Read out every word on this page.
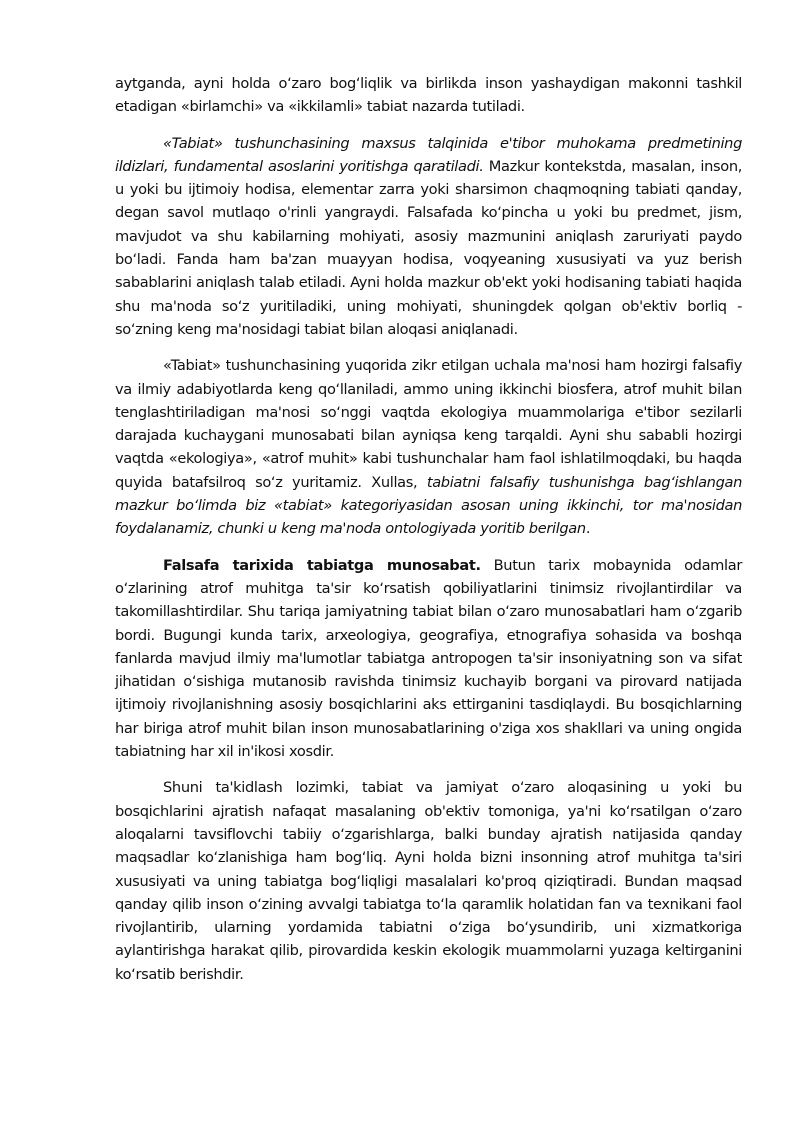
aytganda, ayni holda o‘zaro bog‘liqlik va birlikda inson yashaydigan makonni tashkil etadigan «birlamchi» va «ikkilamli» tabiat nazarda tutiladi.

«Tabiat» tushunchasining maxsus talqinida e'tibor muhokama predmetining ildizlari, fundamental asoslarini yoritishga qaratiladi. Mazkur kontekstda, masalan, inson, u yoki bu ijtimoiy hodisa, elementar zarra yoki sharsimon chaqmoqning tabiati qanday, degan savol mutlaqo o'rinli yangraydi. Falsafada ko‘pincha u yoki bu predmet, jism, mavjudot va shu kabilarning mohiyati, asosiy mazmunini aniqlash zaruriyati paydo bo‘ladi. Fanda ham ba'zan muayyan hodisa, voqyeaning xususiyati va yuz berish sabablarini aniqlash talab etiladi. Ayni holda mazkur ob'ekt yoki hodisaning tabiati haqida shu ma'noda so‘z yuritiladiki, uning mohiyati, shuningdek qolgan ob'ektiv borliq - so‘zning keng ma'nosidagi tabiat bilan aloqasi aniqlanadi.

«Tabiat» tushunchasining yuqorida zikr etilgan uchala ma'nosi ham hozirgi falsafiy va ilmiy adabiyotlarda keng qo‘llaniladi, ammo uning ikkinchi biosfera, atrof muhit bilan tenglashtiriladigan ma'nosi so‘nggi vaqtda ekologiya muammolariga e'tibor sezilarli darajada kuchaygani munosabati bilan ayniqsa keng tarqaldi. Ayni shu sababli hozirgi vaqtda «ekologiya», «atrof muhit» kabi tushunchalar ham faol ishlatilmoqdaki, bu haqda quyida batafsilroq so‘z yuritamiz. Xullas, tabiatni falsafiy tushunishga bag‘ishlangan mazkur bo‘limda biz «tabiat» kategoriyasidan asosan uning ikkinchi, tor ma'nosidan foydalanamiz, chunki u keng ma'noda ontologiyada yoritib berilgan.

Falsafa tarixida tabiatga munosabat. Butun tarix mobaynida odamlar o‘zlarining atrof muhitga ta'sir ko‘rsatish qobiliyatlarini tinimsiz rivojlantirdilar va takomillashtirdilar. Shu tariqa jamiyatning tabiat bilan o‘zaro munosabatlari ham o‘zgarib bordi. Bugungi kunda tarix, arxeologiya, geografiya, etnografiya sohasida va boshqa fanlarda mavjud ilmiy ma'lumotlar tabiatga antropogen ta'sir insoniyatning son va sifat jihatidan o‘sishiga mutanosib ravishda tinimsiz kuchayib borgani va pirovard natijada ijtimoiy rivojlanishning asosiy bosqichlarini aks ettirganini tasdiqlaydi. Bu bosqichlarning har biriga atrof muhit bilan inson munosabatlarining o'ziga xos shakllari va uning ongida tabiatning har xil in'ikosi xosdir.

Shuni ta'kidlash lozimki, tabiat va jamiyat o‘zaro aloqasining u yoki bu bosqichlarini ajratish nafaqat masalaning ob'ektiv tomoniga, ya'ni ko‘rsatilgan o‘zaro aloqalarni tavsiflovchi tabiiy o‘zgarishlarga, balki bunday ajratish natijasida qanday maqsadlar ko‘zlanishiga ham bog‘liq. Ayni holda bizni insonning atrof muhitga ta'siri xususiyati va uning tabiatga bog‘liqligi masalalari ko'proq qiziqtiradi. Bundan maqsad qanday qilib inson o‘zining avvalgi tabiatga to‘la qaramlik holatidan fan va texnikani faol rivojlantirib, ularning yordamida tabiatni o‘ziga bo‘ysundirib, uni xizmatkoriga aylantirishga harakat qilib, pirovardida keskin ekologik muammolarni yuzaga keltirganini ko‘rsatib berishdir.
